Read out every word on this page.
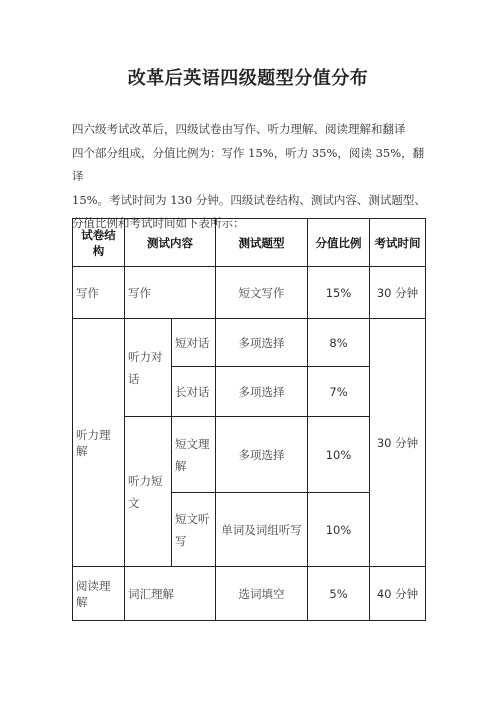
改革后英语四级题型分值分布

四六级考试改革后，四级试卷由写作、听力理解、阅读理解和翻译

四个部分组成，分值比例为：写作 15%，听力 35%，阅读 35%，翻译

15%。考试时间为 130 分钟。四级试卷结构、测试内容、测试题型、

分值比例和考试时间如下表所示：

试卷结构	测试内容		测试题型	分值比例	考试时间
写作	写作		短文写作	15%	30 分钟
听力理解	听力对话	短对话	多项选择	8%	30 分钟
		长对话	多项选择	7%	
	听力短文	短文理解	多项选择	10%	
		短文听写	单词及词组听写	10%	
阅读理解	词汇理解		选词填空	5%	40 分钟
